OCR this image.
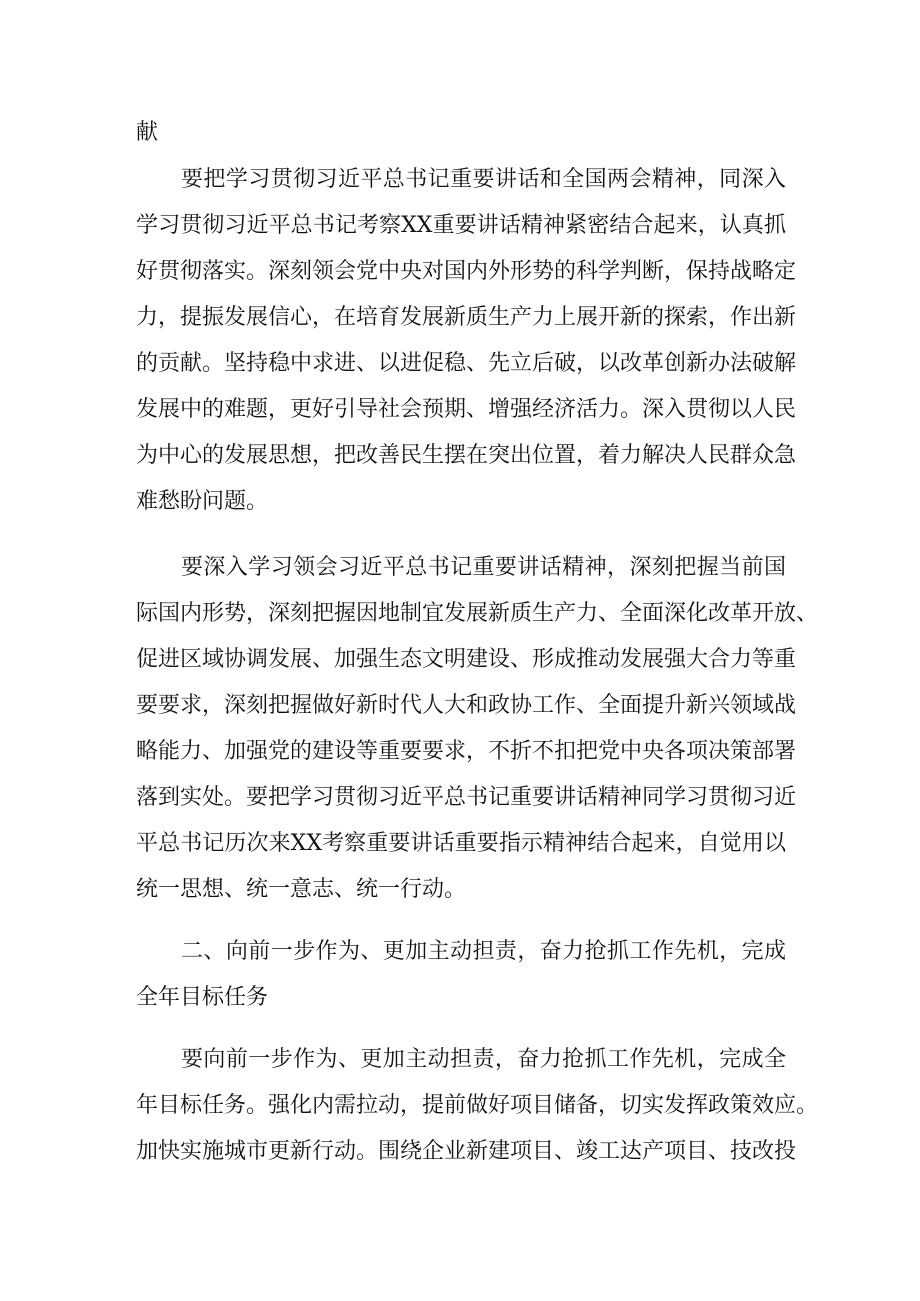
献
要把学习贯彻习近平总书记重要讲话和全国两会精神，同深入
学习贯彻习近平总书记考察XX重要讲话精神紧密结合起来，认真抓
好贯彻落实。深刻领会党中央对国内外形势的科学判断，保持战略定
力，提振发展信心，在培育发展新质生产力上展开新的探索，作出新
的贡献。坚持稳中求进、以进促稳、先立后破，以改革创新办法破解
发展中的难题，更好引导社会预期、增强经济活力。深入贯彻以人民
为中心的发展思想，把改善民生摆在突出位置，着力解决人民群众急
难愁盼问题。
要深入学习领会习近平总书记重要讲话精神，深刻把握当前国
际国内形势，深刻把握因地制宜发展新质生产力、全面深化改革开放、
促进区域协调发展、加强生态文明建设、形成推动发展强大合力等重
要要求，深刻把握做好新时代人大和政协工作、全面提升新兴领域战
略能力、加强党的建设等重要要求，不折不扣把党中央各项决策部署
落到实处。要把学习贯彻习近平总书记重要讲话精神同学习贯彻习近
平总书记历次来XX考察重要讲话重要指示精神结合起来，自觉用以
统一思想、统一意志、统一行动。
二、向前一步作为、更加主动担责，奋力抢抓工作先机，完成
全年目标任务
要向前一步作为、更加主动担责，奋力抢抓工作先机，完成全
年目标任务。强化内需拉动，提前做好项目储备，切实发挥政策效应。
加快实施城市更新行动。围绕企业新建项目、竣工达产项目、技改投
